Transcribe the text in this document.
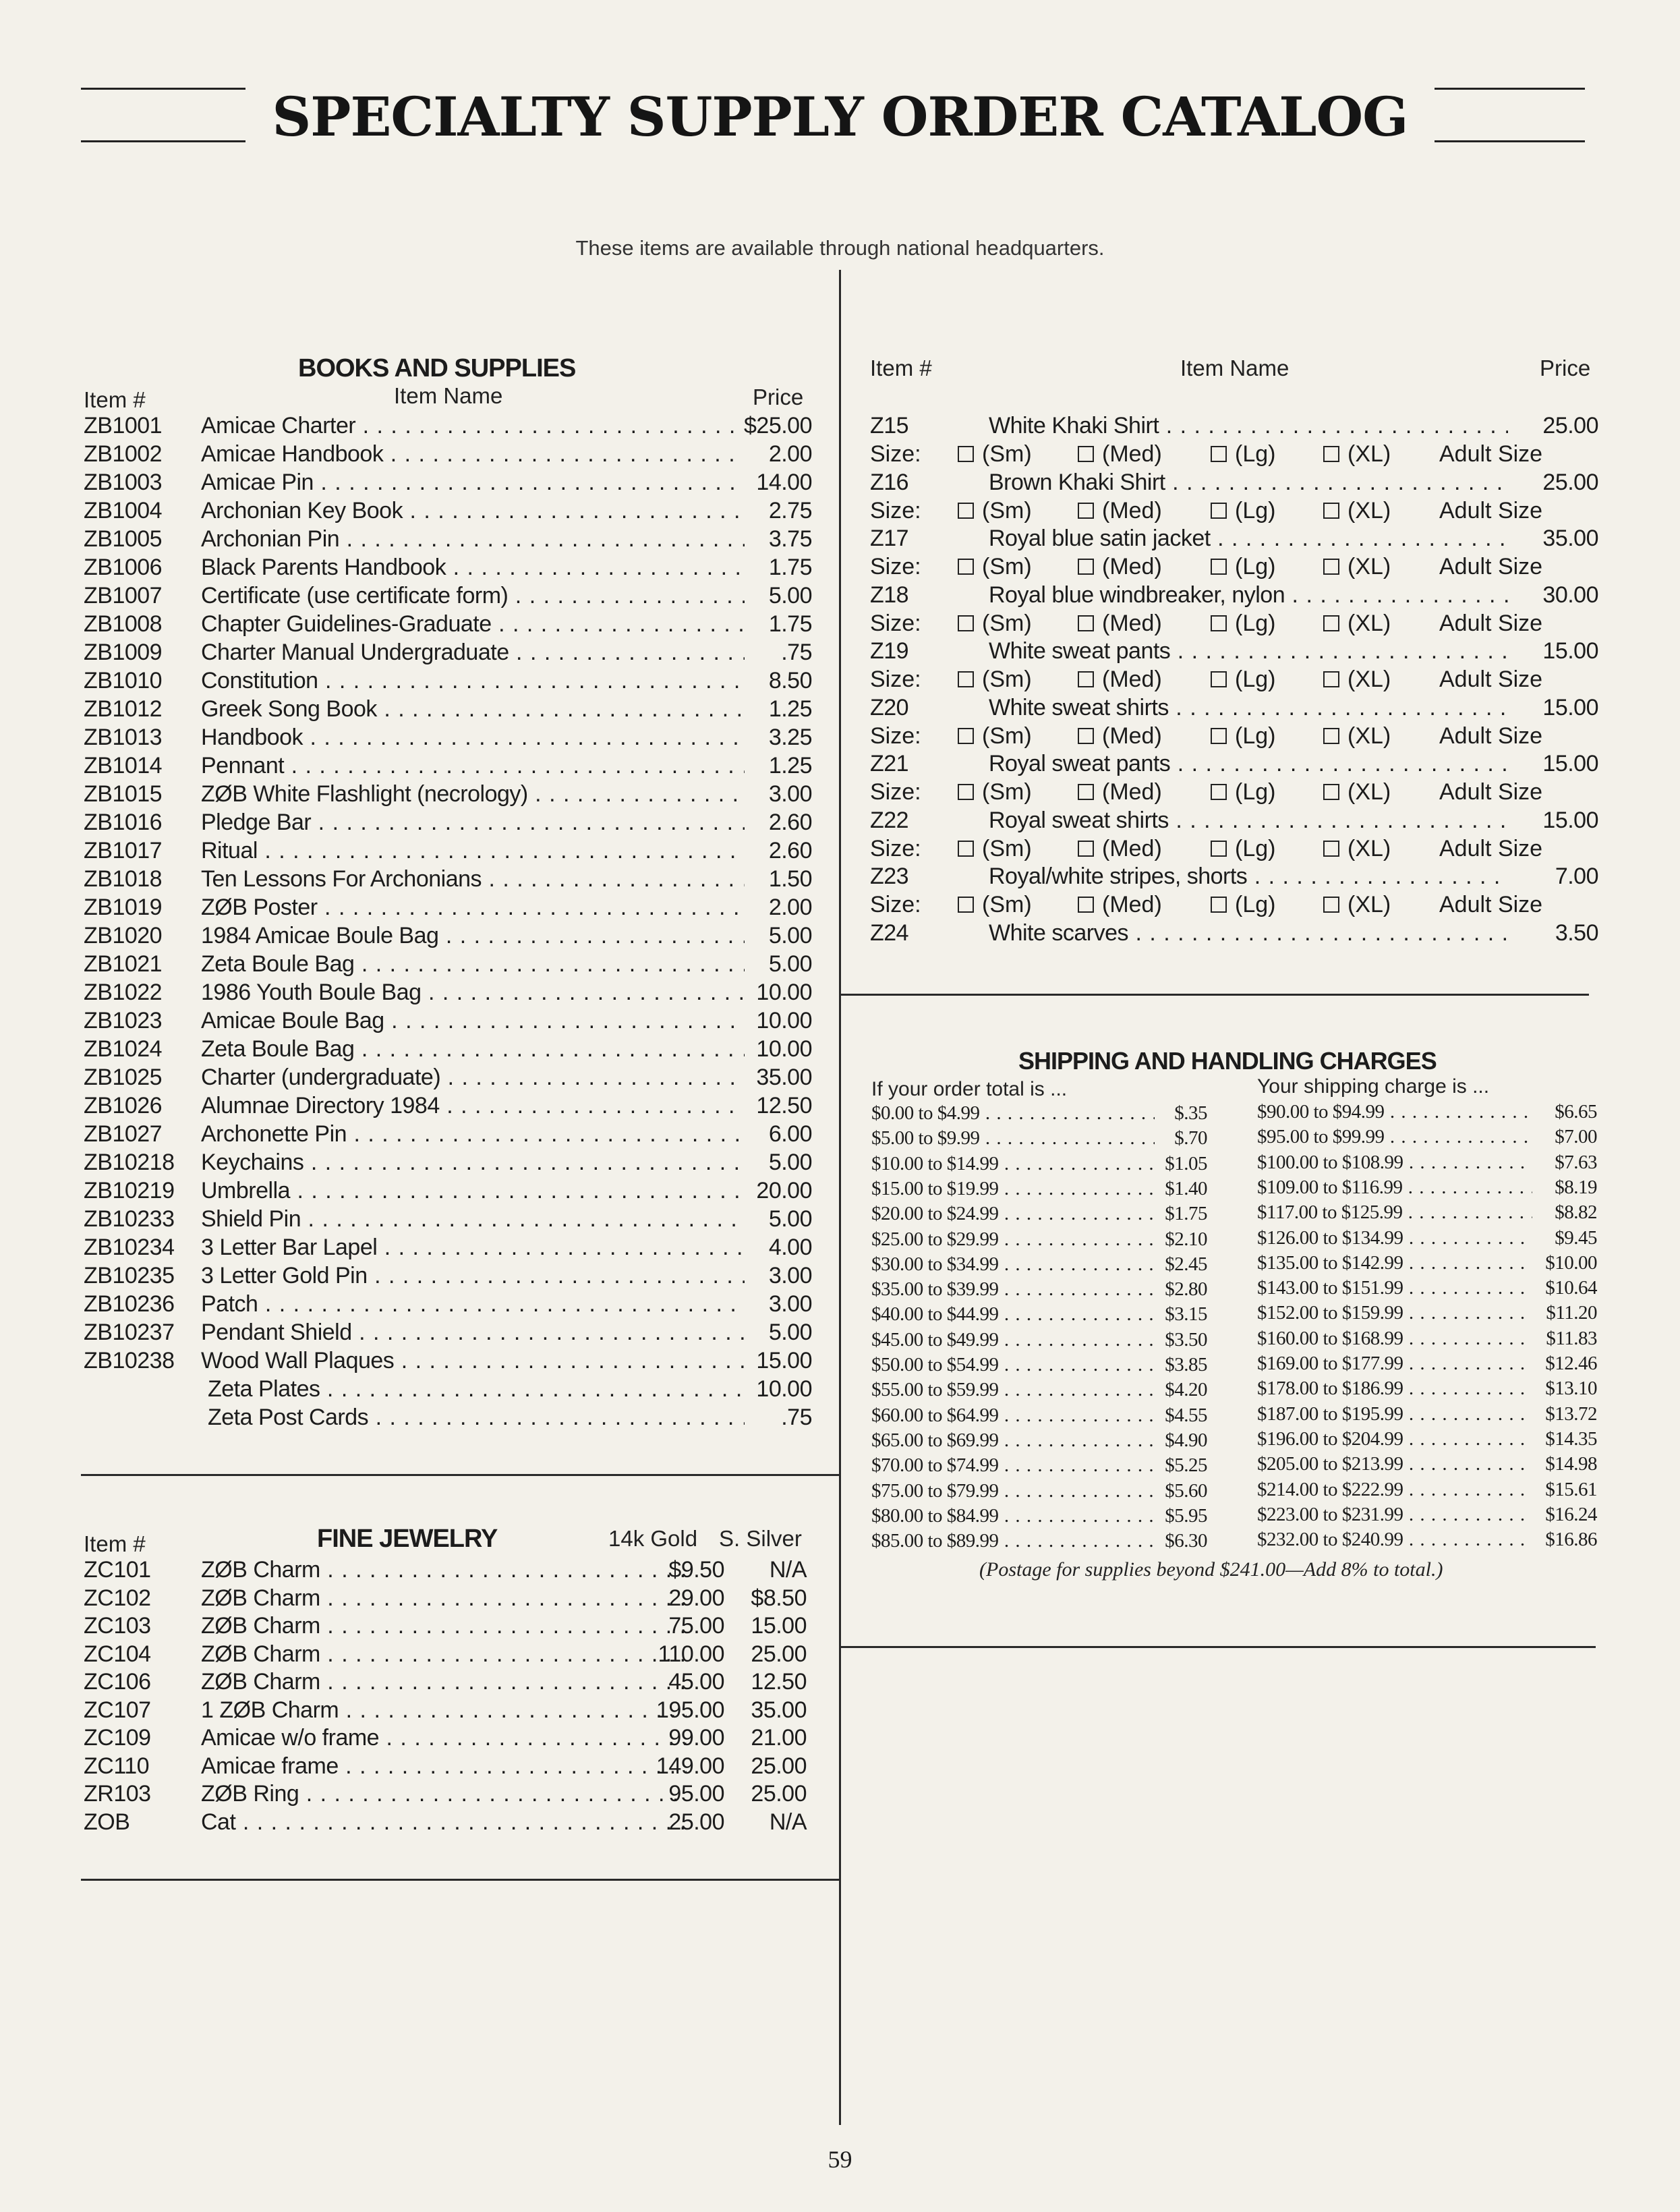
SPECIALTY SUPPLY ORDER CATALOG
These items are available through national headquarters.
BOOKS AND SUPPLIES
Item #	Item Name	Price
ZB1001 Amicae Charter . . .	$25.00
ZB1002 Amicae Handbook . . .	2.00
ZB1003 Amicae Pin . . .	14.00
ZB1004 Archonian Key Book . . .	2.75
ZB1005 Archonian Pin . . .	3.75
ZB1006 Black Parents Handbook . . .	1.75
ZB1007 Certificate (use certificate form) . . .	5.00
ZB1008 Chapter Guidelines-Graduate . . .	1.75
ZB1009 Charter Manual Undergraduate . . .	.75
ZB1010 Constitution . . .	8.50
ZB1012 Greek Song Book . . .	1.25
ZB1013 Handbook . . .	3.25
ZB1014 Pennant . . .	1.25
ZB1015 ZØB White Flashlight (necrology) . . .	3.00
ZB1016 Pledge Bar . . .	2.60
ZB1017 Ritual . . .	2.60
ZB1018 Ten Lessons For Archonians . . .	1.50
ZB1019 ZØB Poster . . .	2.00
ZB1020 1984 Amicae Boule Bag . . .	5.00
ZB1021 Zeta Boule Bag . . .	5.00
ZB1022 1986 Youth Boule Bag . . .	10.00
ZB1023 Amicae Boule Bag . . .	10.00
ZB1024 Zeta Boule Bag . . .	10.00
ZB1025 Charter (undergraduate) . . .	35.00
ZB1026 Alumnae Directory 1984 . . .	12.50
ZB1027 Archonette Pin . . .	6.00
ZB10218 Keychains . . .	5.00
ZB10219 Umbrella . . .	20.00
ZB10233 Shield Pin . . .	5.00
ZB10234 3 Letter Bar Lapel . . .	4.00
ZB10235 3 Letter Gold Pin . . .	3.00
ZB10236 Patch . . .	3.00
ZB10237 Pendant Shield . . .	5.00
ZB10238 Wood Wall Plaques . . .	15.00
Zeta Plates . . .	10.00
Zeta Post Cards . . .	.75
Item #	FINE JEWELRY	14k Gold S. Silver
ZC101 ZØB Charm . . .	$9.50	N/A
ZC102 ZØB Charm . . .	29.00	$8.50
ZC103 ZØB Charm . . .	75.00	15.00
ZC104 ZØB Charm . . .	110.00	25.00
ZC106 ZØB Charm . . .	45.00	12.50
ZC107 1 ZØB Charm . . .	195.00	35.00
ZC109 Amicae w/o frame . . .	99.00	21.00
ZC110 Amicae frame . . .	149.00	25.00
ZR103 ZØB Ring . . .	95.00	25.00
ZOB	Cat . . .	25.00	N/A
Item #	Item Name	Price
Z15	White Khaki Shirt . . .	25.00
Size:	(Sm)	(Med)	(Lg)	(XL) Adult Size
Z16	Brown Khaki Shirt . . .	25.00
Size:	(Sm)	(Med)	(Lg)	(XL) Adult Size
Z17	Royal blue satin jacket . . .	35.00
Size:	(Sm)	(Med)	(Lg)	(XL) Adult Size
Z18	Royal blue windbreaker, nylon . . .	30.00
Size:	(Sm)	(Med)	(Lg)	(XL) Adult Size
Z19	White sweat pants . . .	15.00
Size:	(Sm)	(Med)	(Lg)	(XL) Adult Size
Z20	White sweat shirts . . .	15.00
Size:	(Sm)	(Med)	(Lg)	(XL) Adult Size
Z21	Royal sweat pants . . .	15.00
Size:	(Sm)	(Med)	(Lg)	(XL) Adult Size
Z22	Royal sweat shirts . . .	15.00
Size:	(Sm)	(Med)	(Lg)	(XL) Adult Size
Z23	Royal/white stripes, shorts . . .	7.00
Size:	(Sm)	(Med)	(Lg)	(XL) Adult Size
Z24	White scarves . . .	3.50
SHIPPING AND HANDLING CHARGES
If your order total is ...	Your shipping charge is ...
$0.00 to $4.99 . . .	$.35
$5.00 to $9.99 . . .	$.70
$10.00 to $14.99 . . .	$1.05
$15.00 to $19.99 . . .	$1.40
$20.00 to $24.99 . . .	$1.75
$25.00 to $29.99 . . .	$2.10
$30.00 to $34.99 . . .	$2.45
$35.00 to $39.99 . . .	$2.80
$40.00 to $44.99 . . .	$3.15
$45.00 to $49.99 . . .	$3.50
$50.00 to $54.99 . . .	$3.85
$55.00 to $59.99 . . .	$4.20
$60.00 to $64.99 . . .	$4.55
$65.00 to $69.99 . . .	$4.90
$70.00 to $74.99 . . .	$5.25
$75.00 to $79.99 . . .	$5.60
$80.00 to $84.99 . . .	$5.95
$85.00 to $89.99 . . .	$6.30
$90.00 to $94.99 . . .	$6.65
$95.00 to $99.99 . . .	$7.00
$100.00 to $108.99 . . .	$7.63
$109.00 to $116.99 . . .	$8.19
$117.00 to $125.99 . . .	$8.82
$126.00 to $134.99 . . .	$9.45
$135.00 to $142.99 . . .	$10.00
$143.00 to $151.99 . . .	$10.64
$152.00 to $159.99 . . .	$11.20
$160.00 to $168.99 . . .	$11.83
$169.00 to $177.99 . . .	$12.46
$178.00 to $186.99 . . .	$13.10
$187.00 to $195.99 . . .	$13.72
$196.00 to $204.99 . . .	$14.35
$205.00 to $213.99 . . .	$14.98
$214.00 to $222.99 . . .	$15.61
$223.00 to $231.99 . . .	$16.24
$232.00 to $240.99 . . .	$16.86
(Postage for supplies beyond $241.00—Add 8% to total.)
59
